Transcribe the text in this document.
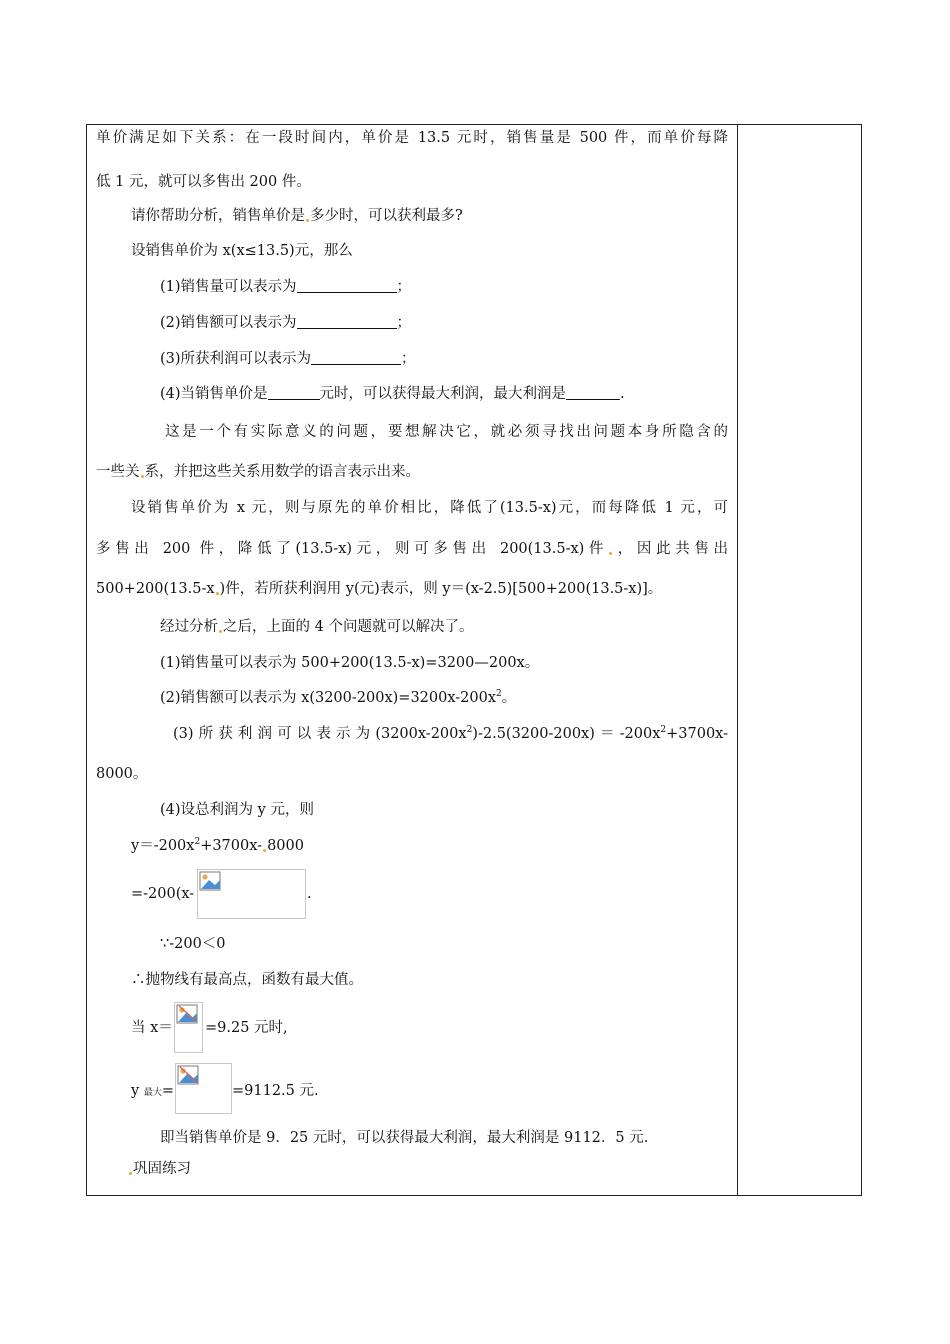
单价满足如下关系：在一段时间内，单价是 13.5 元时，销售量是 500 件，而单价每降
低 1 元，就可以多售出 200 件。
请你帮助分析，销售单价是 多少时，可以获利最多?
设销售单价为 x(x≤13.5)元，那么
(1)销售量可以表示为	；
(2)销售额可以表示为	；
(3)所获利润可以表示为	；
(4)当销售单价是	元时，可以获得最大利润，最大利润是	.
这是一个有实际意义的问题，要想解决它，就必须寻找出问题本身所隐含的
一些关 系，并把这些关系用数学的语言表示出来。
设销售单价为 x 元，则与原先的单价相比，降低了(13.5-x)元，而每降低 1 元，可
多售出 200 件，降低了(13.5-x)元，则可多售出 200(13.5-x)件 ，因此共售出
500+200(13.5-x )件，若所获利润用 y(元)表示，则 y＝(x-2.5)[500+200(13.5-x)]。
经过分析 之后，上面的 4 个问题就可以解决了。
(1)销售量可以表示为 500+200(13.5-x)=3200—200x。
(2)销售额可以表示为 $x(3200-200x)=3200x-200x^2$。
(3)所获利润可以表示为$(3200x-200x^2)-2.5(3200-200x)=-200x^2+3700x-$
8000。
(4)设总利润为 y 元，则
$y=-200x^2+3700x-$ 8000
=-200(x-	.
∵-200＜0
∴抛物线有最高点，函数有最大值。
当 x＝ =9.25 元时,
y 最大=	=9112.5 元.
即当销售单价是 9．25 元时，可以获得最大利润，最大利润是 9112．5 元.
巩固练习
